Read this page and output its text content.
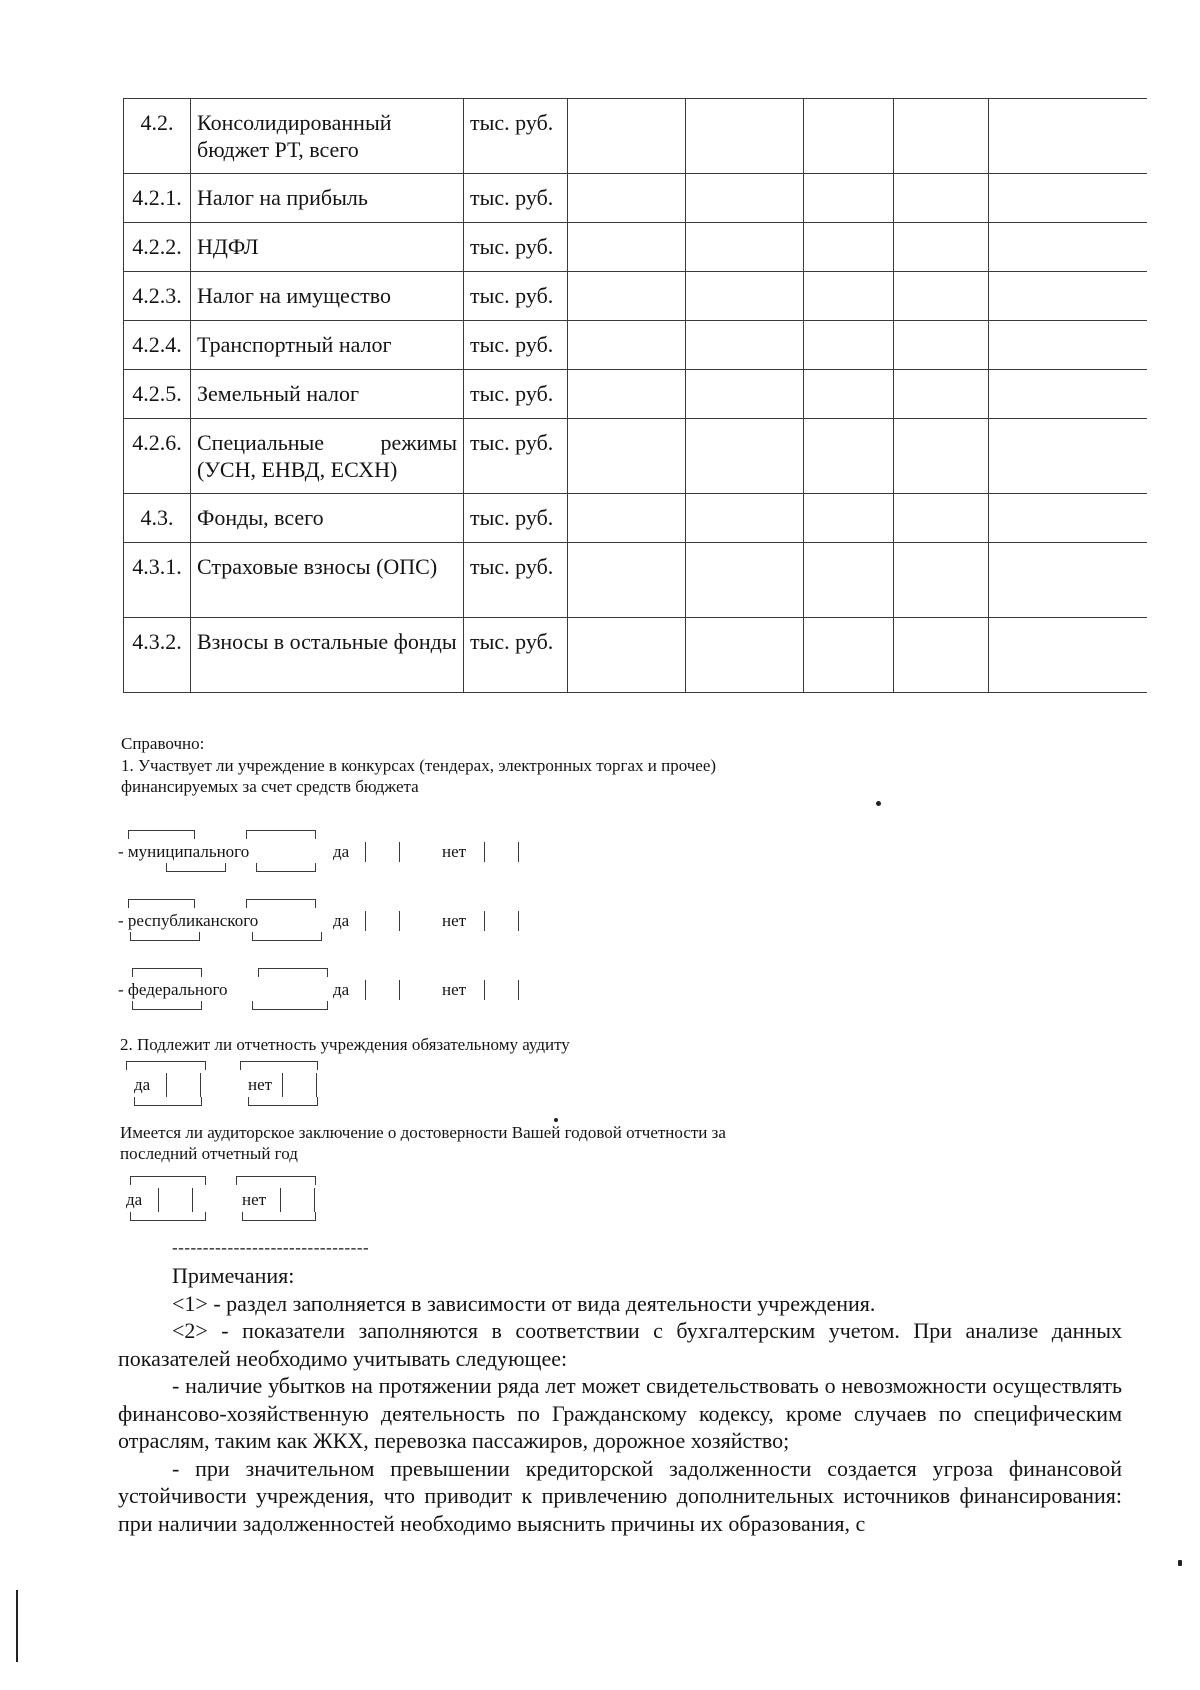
4.2.	Консолидированный бюджет РТ, всего	тыс. руб.					
4.2.1.	Налог на прибыль	тыс. руб.					
4.2.2.	НДФЛ	тыс. руб.					
4.2.3.	Налог на имущество	тыс. руб.					
4.2.4.	Транспортный налог	тыс. руб.					
4.2.5.	Земельный налог	тыс. руб.					
4.2.6.	Специальные режимы (УСН, ЕНВД, ЕСХН)	тыс. руб.					
4.3.	Фонды, всего	тыс. руб.					
4.3.1.	Страховые взносы (ОПС)	тыс. руб.					
4.3.2.	Взносы в остальные фонды	тыс. руб.					
Справочно:
1. Участвует ли учреждение в конкурсах (тендерах, электронных торгах и прочее) финансируемых за счет средств бюджета
- муниципального	да	нет
- республиканского	да	нет
- федерального	да	нет
2. Подлежит ли отчетность учреждения обязательному аудиту
да	нет
Имеется ли аудиторское заключение о достоверности Вашей годовой отчетности за последний отчетный год
да	нет
--------------------------------

Примечания:

<1> - раздел заполняется в зависимости от вида деятельности учреждения.

<2> - показатели заполняются в соответствии с бухгалтерским учетом. При анализе данных показателей необходимо учитывать следующее:

- наличие убытков на протяжении ряда лет может свидетельствовать о невозможности осуществлять финансово-хозяйственную деятельность по Гражданскому кодексу, кроме случаев по специфическим отраслям, таким как ЖКХ, перевозка пассажиров, дорожное хозяйство;

- при значительном превышении кредиторской задолженности создается угроза финансовой устойчивости учреждения, что приводит к привлечению дополнительных источников финансирования: при наличии задолженностей необходимо выяснить причины их образования, с
